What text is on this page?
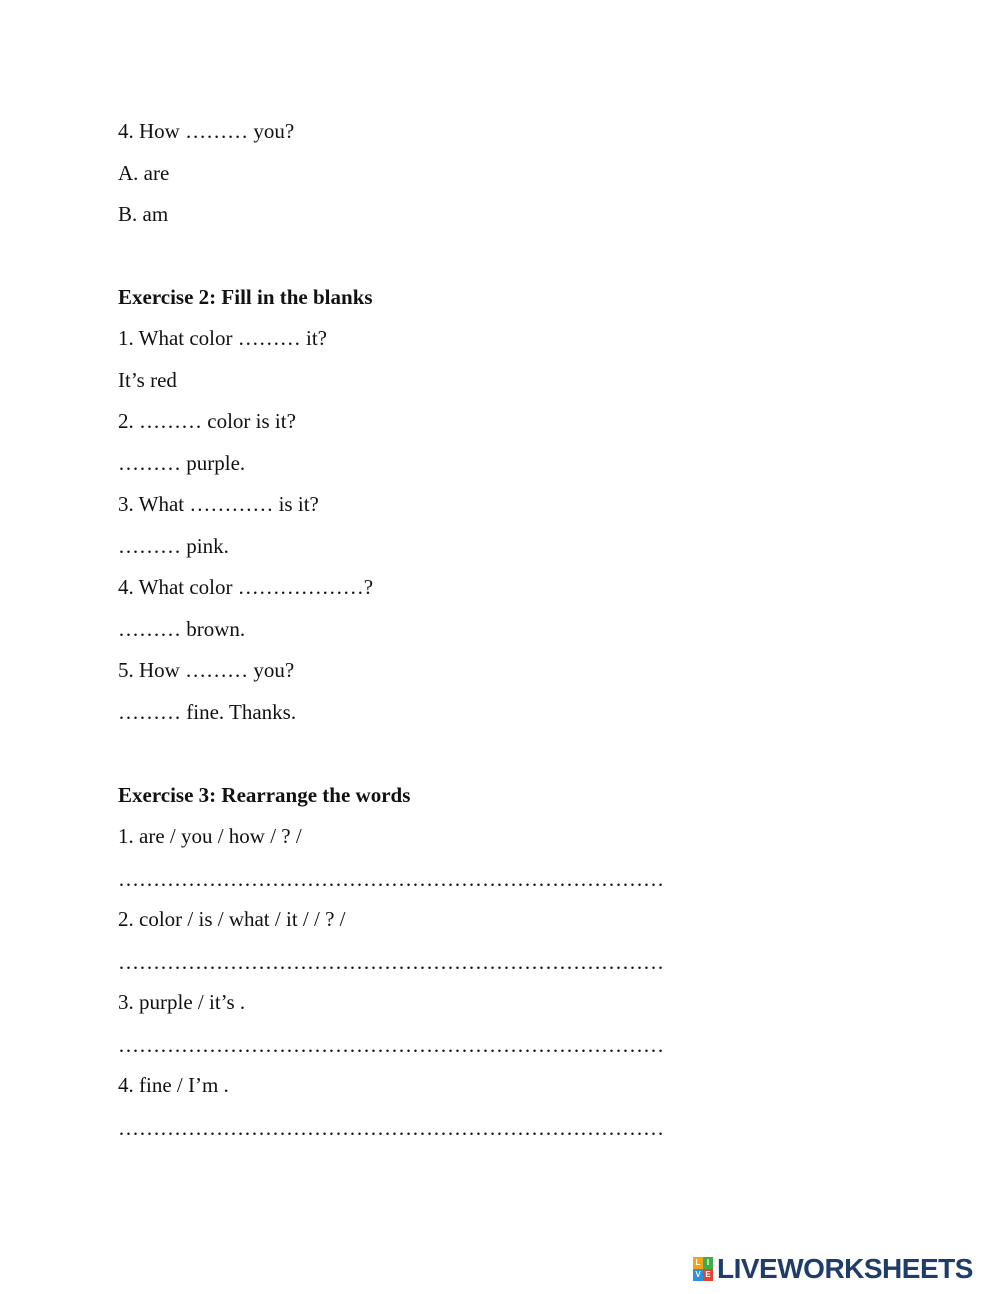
4. How ……… you?
A. are
B. am
Exercise 2: Fill in the blanks
1. What color ……… it?
It’s red
2. ……… color is it?
……… purple.
3. What ………… is it?
……… pink.
4. What color ………………?
……… brown.
5. How ……… you?
……… fine. Thanks.
Exercise 3: Rearrange the words
1. are / you / how / ? /
……………………………………………………………………
2. color / is / what / it / / ? /
……………………………………………………………………
3. purple / it’s .
……………………………………………………………………
4. fine / I’m .
……………………………………………………………………
L I
V E LIVEWORKSHEETS
